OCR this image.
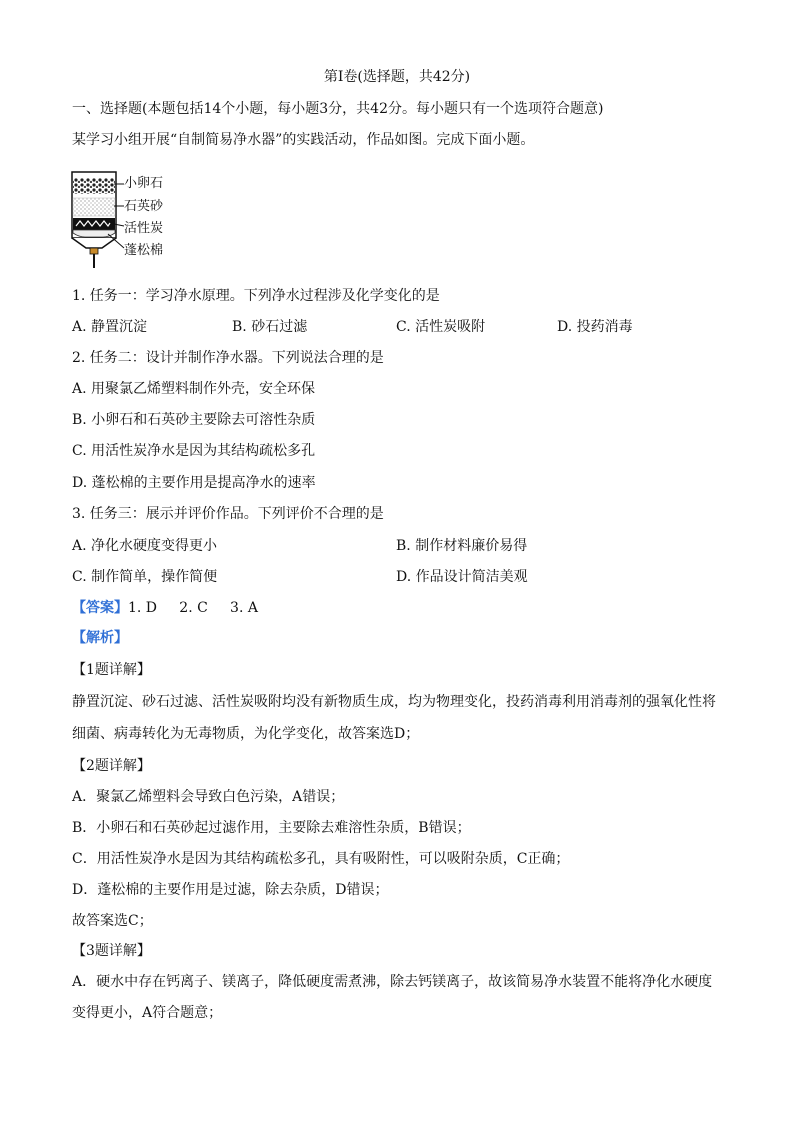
第Ⅰ卷(选择题，共42分)
一、选择题(本题包括14个小题，每小题3分，共42分。每小题只有一个选项符合题意)
某学习小组开展“自制简易净水器”的实践活动，作品如图。完成下面小题。
小卵石
石英砂
活性炭
蓬松棉
1. 任务一：学习净水原理。下列净水过程涉及化学变化的是
A. 静置沉淀	B. 砂石过滤	C. 活性炭吸附	D. 投药消毒
2. 任务二：设计并制作净水器。下列说法合理的是
A. 用聚氯乙烯塑料制作外壳，安全环保
B. 小卵石和石英砂主要除去可溶性杂质
C. 用活性炭净水是因为其结构疏松多孔
D. 蓬松棉的主要作用是提高净水的速率
3. 任务三：展示并评价作品。下列评价不合理的是
A. 净化水硬度变得更小	B. 制作材料廉价易得
C. 制作简单，操作简便	D. 作品设计简洁美观
【答案】1. D     2. C     3. A
【解析】
【1题详解】
静置沉淀、砂石过滤、活性炭吸附均没有新物质生成，均为物理变化，投药消毒利用消毒剂的强氧化性将
细菌、病毒转化为无毒物质，为化学变化，故答案选D；
【2题详解】
A．聚氯乙烯塑料会导致白色污染，A错误；
B．小卵石和石英砂起过滤作用，主要除去难溶性杂质，B错误；
C．用活性炭净水是因为其结构疏松多孔，具有吸附性，可以吸附杂质，C正确；
D．蓬松棉的主要作用是过滤，除去杂质，D错误；
故答案选C；
【3题详解】
A．硬水中存在钙离子、镁离子，降低硬度需煮沸，除去钙镁离子，故该简易净水装置不能将净化水硬度
变得更小，A符合题意；
